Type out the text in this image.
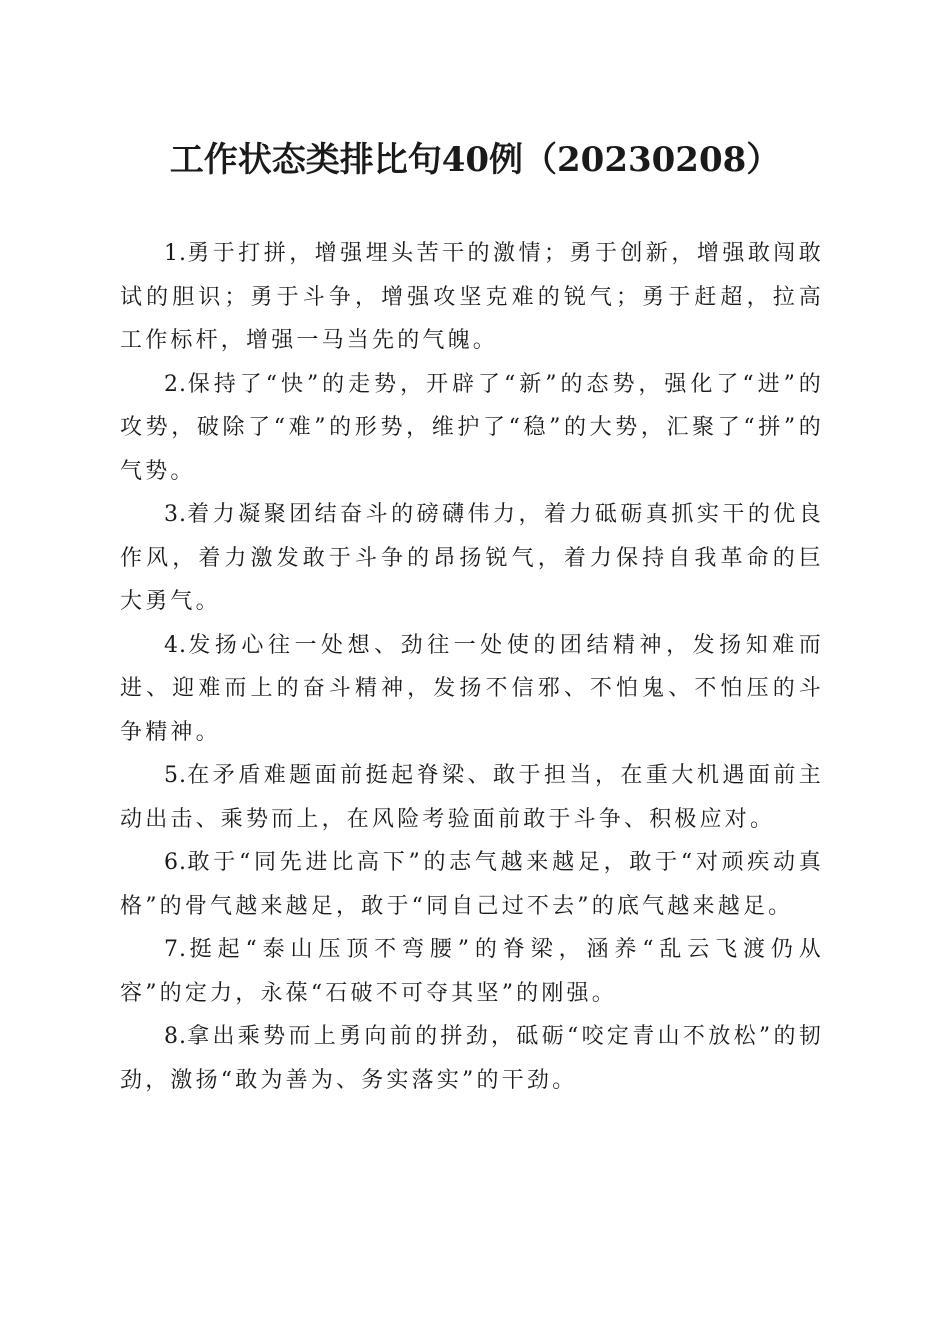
工作状态类排比句40例（20230208）

1.勇于打拼，增强埋头苦干的激情；勇于创新，增强敢闯敢试的胆识；勇于斗争，增强攻坚克难的锐气；勇于赶超，拉高工作标杆，增强一马当先的气魄。

2.保持了“快”的走势，开辟了“新”的态势，强化了“进”的攻势，破除了“难”的形势，维护了“稳”的大势，汇聚了“拼”的气势。

3.着力凝聚团结奋斗的磅礴伟力，着力砥砺真抓实干的优良作风，着力激发敢于斗争的昂扬锐气，着力保持自我革命的巨大勇气。

4.发扬心往一处想、劲往一处使的团结精神，发扬知难而进、迎难而上的奋斗精神，发扬不信邪、不怕鬼、不怕压的斗争精神。

5.在矛盾难题面前挺起脊梁、敢于担当，在重大机遇面前主动出击、乘势而上，在风险考验面前敢于斗争、积极应对。

6.敢于“同先进比高下”的志气越来越足，敢于“对顽疾动真格”的骨气越来越足，敢于“同自己过不去”的底气越来越足。

7.挺起“泰山压顶不弯腰”的脊梁，涵养“乱云飞渡仍从容”的定力，永葆“石破不可夺其坚”的刚强。

8.拿出乘势而上勇向前的拼劲，砥砺“咬定青山不放松”的韧劲，激扬“敢为善为、务实落实”的干劲。
